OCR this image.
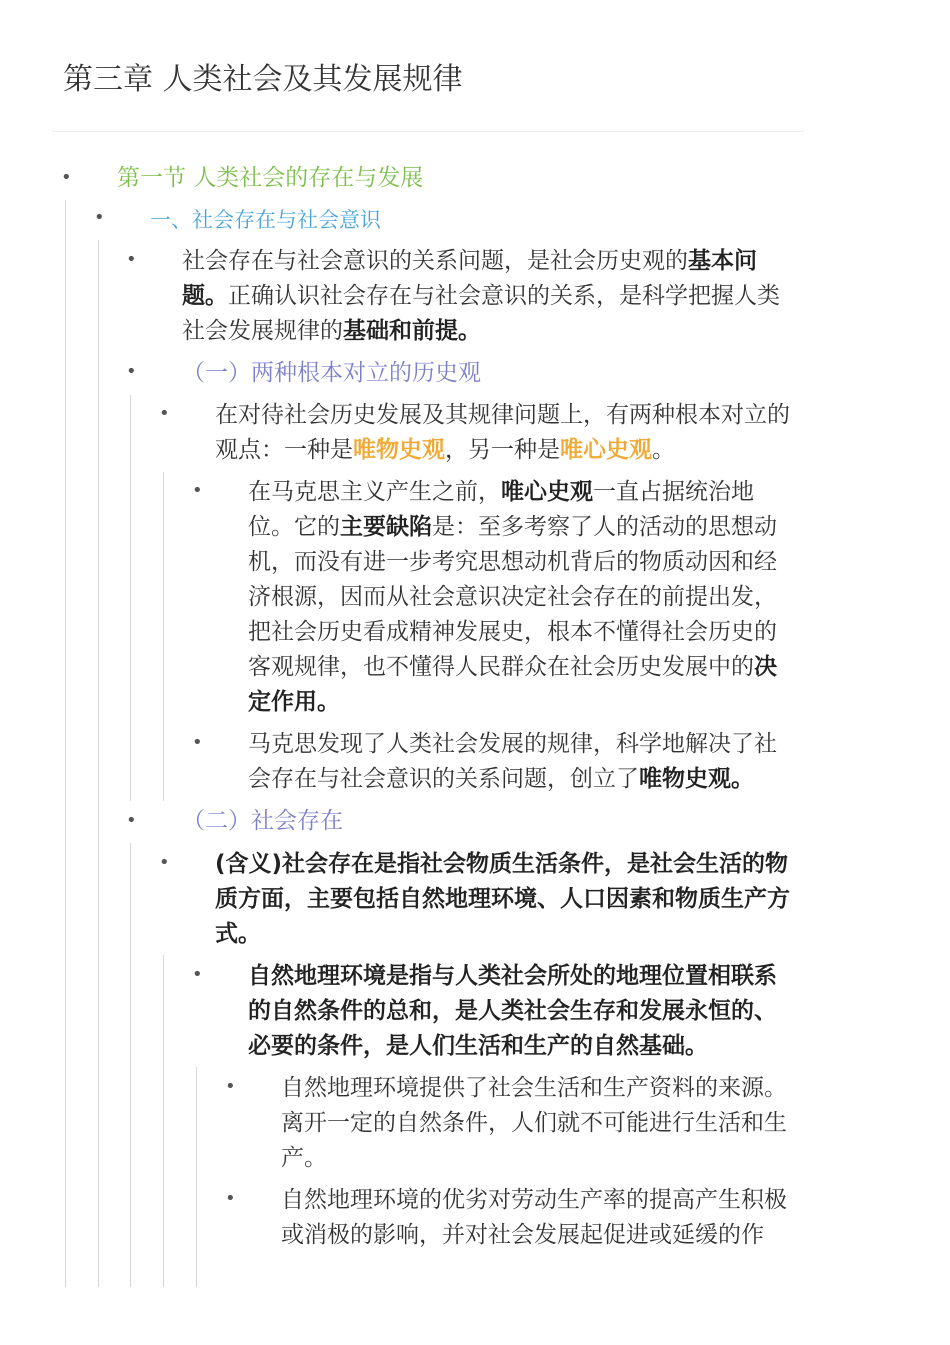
第三章 人类社会及其发展规律
• 第一节 人类社会的存在与发展
• 一、社会存在与社会意识
• 社会存在与社会意识的关系问题，是社会历史观的基本问题。正确认识社会存在与社会意识的关系，是科学把握人类社会发展规律的基础和前提。
• （一）两种根本对立的历史观
• 在对待社会历史发展及其规律问题上，有两种根本对立的观点：一种是唯物史观，另一种是唯心史观。
• 在马克思主义产生之前，唯心史观一直占据统治地位。它的主要缺陷是：至多考察了人的活动的思想动机，而没有进一步考究思想动机背后的物质动因和经济根源，因而从社会意识决定社会存在的前提出发，把社会历史看成精神发展史，根本不懂得社会历史的客观规律，也不懂得人民群众在社会历史发展中的决定作用。
• 马克思发现了人类社会发展的规律，科学地解决了社会存在与社会意识的关系问题，创立了唯物史观。
• （二）社会存在
• (含义)社会存在是指社会物质生活条件，是社会生活的物质方面，主要包括自然地理环境、人口因素和物质生产方式。
• 自然地理环境是指与人类社会所处的地理位置相联系的自然条件的总和，是人类社会生存和发展永恒的、必要的条件，是人们生活和生产的自然基础。
• 自然地理环境提供了社会生活和生产资料的来源。离开一定的自然条件，人们就不可能进行生活和生产。
• 自然地理环境的优劣对劳动生产率的提高产生积极或消极的影响，并对社会发展起促进或延缓的作
